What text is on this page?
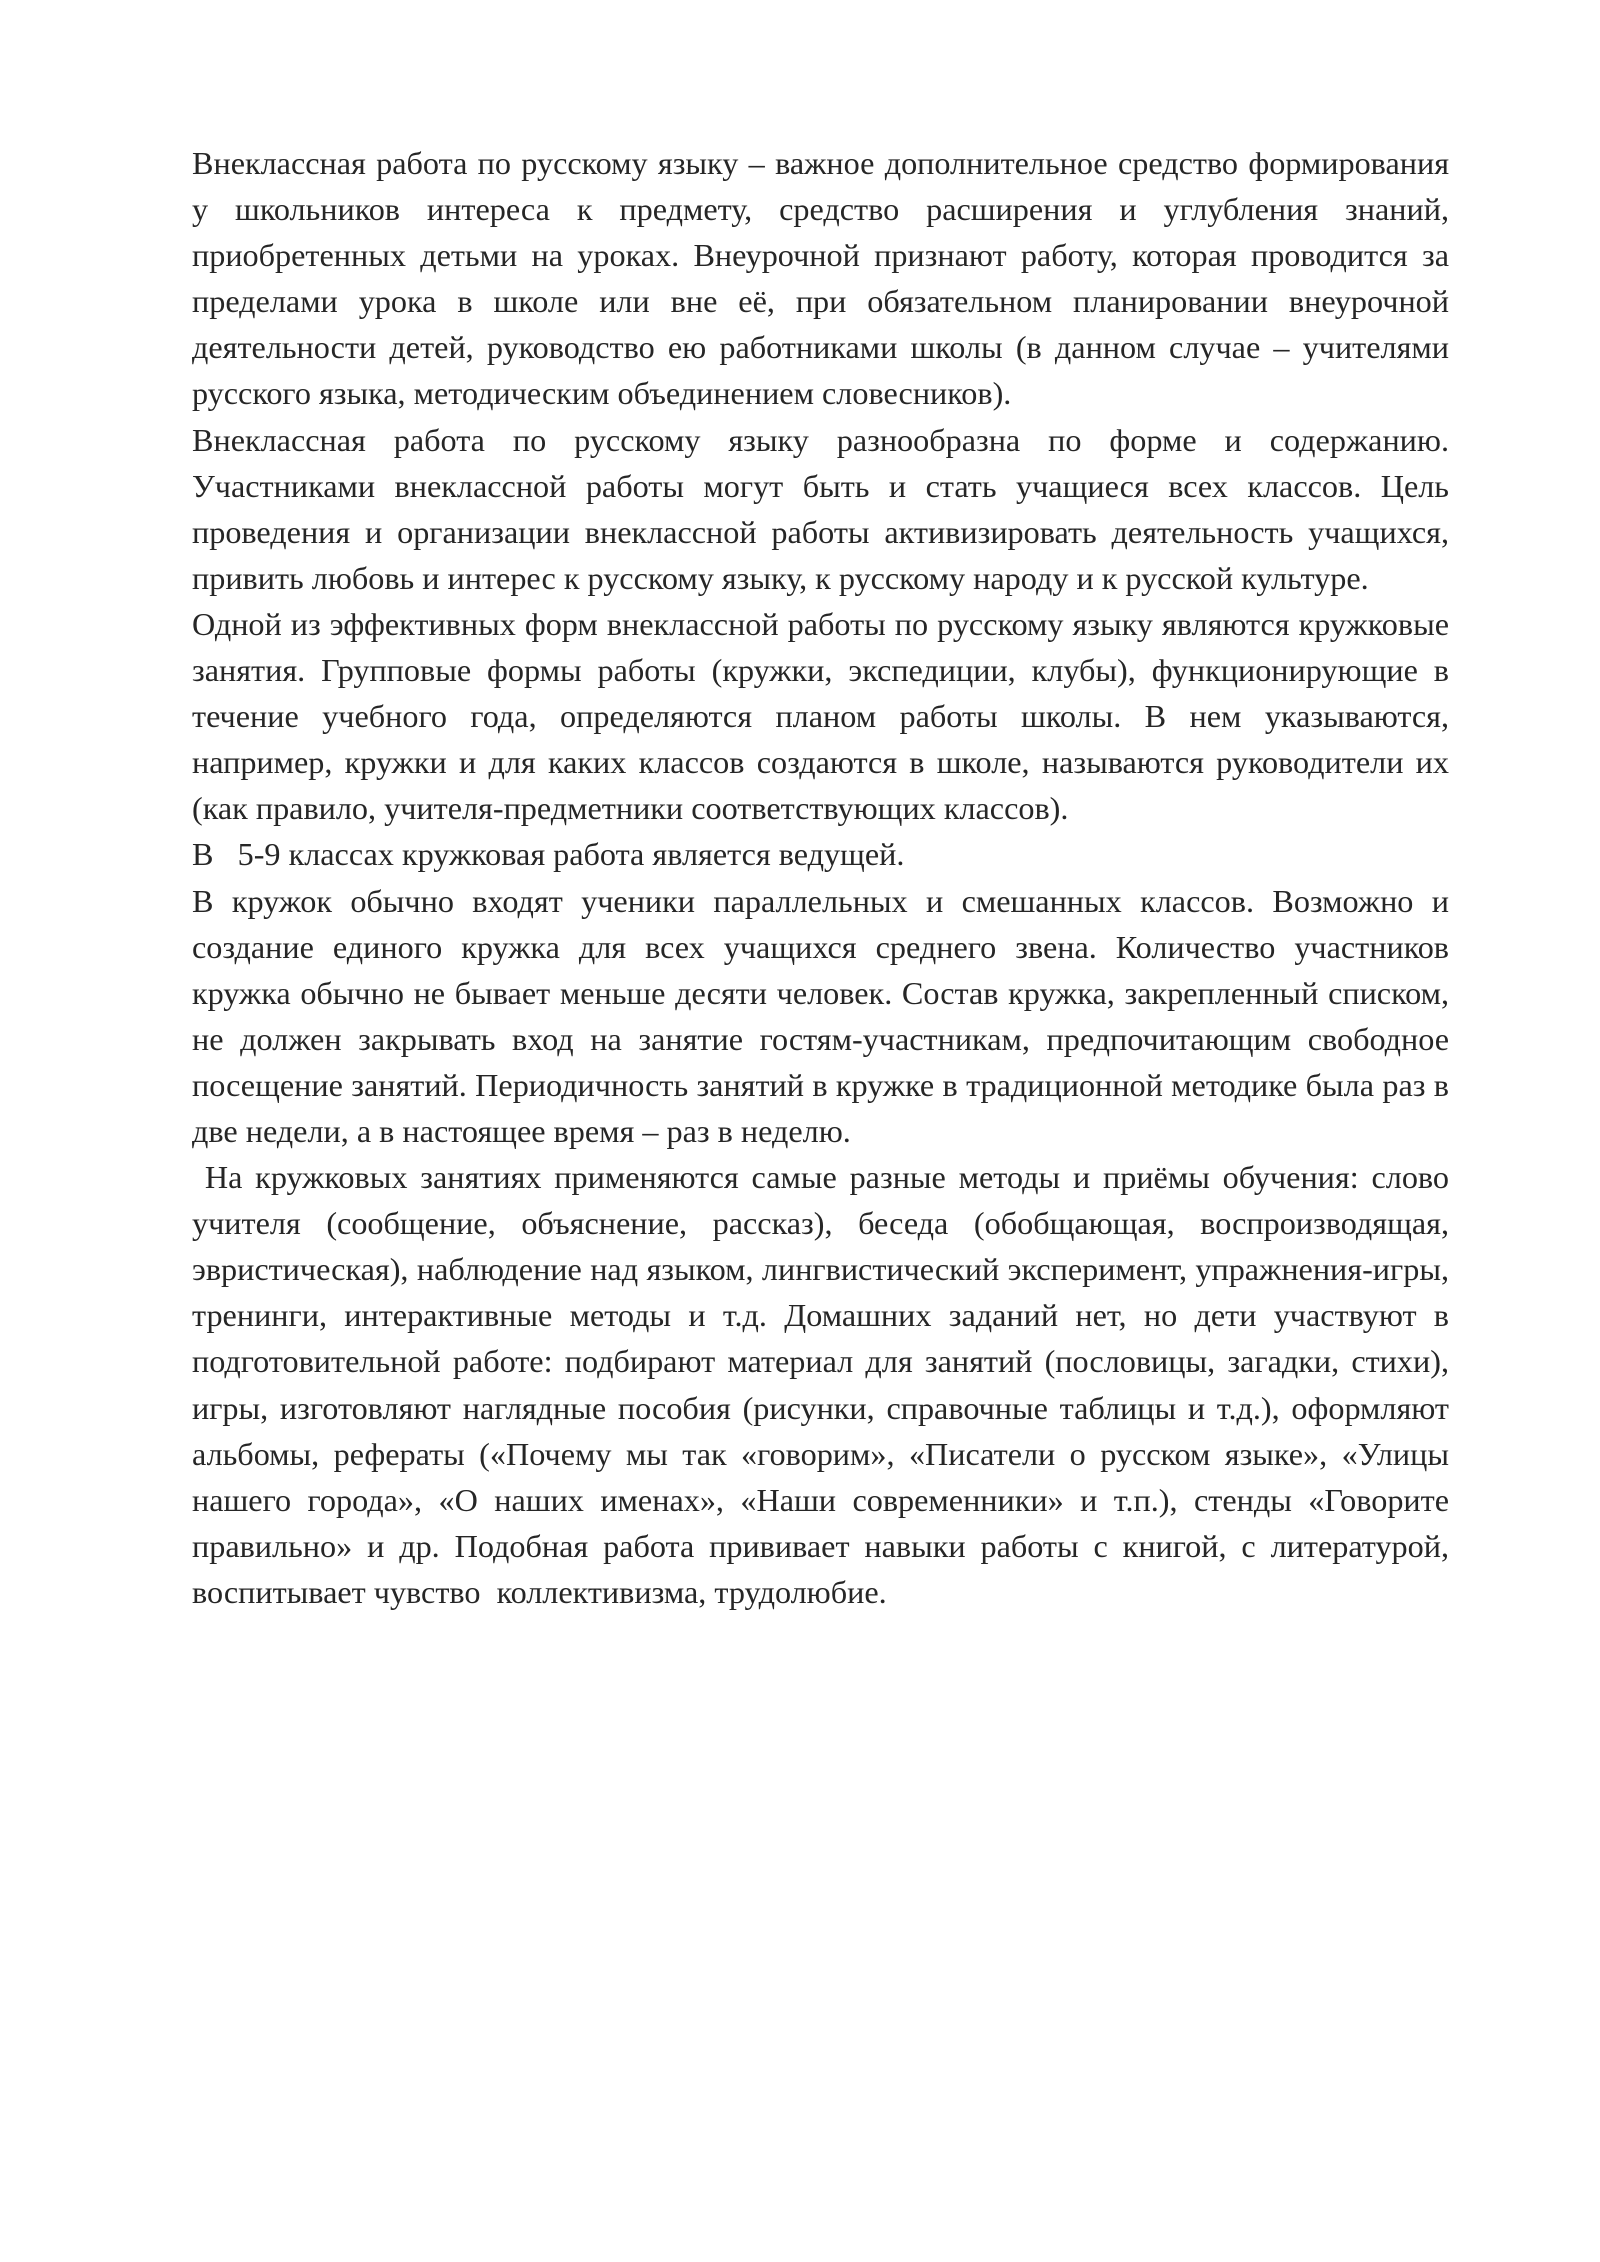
Внеклассная работа по русскому языку – важное дополнительное средство формирования у школьников интереса к предмету, средство расширения и углубления знаний, приобретенных детьми на уроках. Внеурочной признают работу, которая проводится за пределами урока в школе или вне её, при обязательном планировании внеурочной деятельности детей, руководство ею работниками школы (в данном случае – учителями русского языка, методическим объединением словесников).

Внеклассная работа по русскому языку разнообразна по форме и содержанию. Участниками внеклассной работы могут быть и стать учащиеся всех классов. Цель проведения и организации внеклассной работы активизировать деятельность учащихся, привить любовь и интерес к русскому языку, к русскому народу и к русской культуре.

Одной из эффективных форм внеклассной работы по русскому языку являются кружковые занятия. Групповые формы работы (кружки, экспедиции, клубы), функционирующие в течение учебного года, определяются планом работы школы. В нем указываются, например, кружки и для каких классов создаются в школе, называются руководители их (как правило, учителя-предметники соответствующих классов).

В   5-9 классах кружковая работа является ведущей.

В кружок обычно входят ученики параллельных и смешанных классов. Возможно и создание единого кружка для всех учащихся среднего звена. Количество участников кружка обычно не бывает меньше десяти человек. Состав кружка, закрепленный списком, не должен закрывать вход на занятие гостям-участникам, предпочитающим свободное посещение занятий. Периодичность занятий в кружке в традиционной методике была раз в две недели, а в настоящее время – раз в неделю.

На кружковых занятиях применяются самые разные методы и приёмы обучения: слово учителя (сообщение, объяснение, рассказ), беседа (обобщающая, воспроизводящая, эвристическая), наблюдение над языком, лингвистический эксперимент, упражнения-игры, тренинги, интерактивные методы и т.д. Домашних заданий нет, но дети участвуют в подготовительной работе: подбирают материал для занятий (пословицы, загадки, стихи), игры, изготовляют наглядные пособия (рисунки, справочные таблицы и т.д.), оформляют альбомы, рефераты («Почему мы так «говорим», «Писатели о русском языке», «Улицы нашего города», «О наших именах», «Наши современники» и т.п.), стенды «Говорите правильно» и др. Подобная работа прививает навыки работы с книгой, с литературой, воспитывает чувство  коллективизма, трудолюбие.
